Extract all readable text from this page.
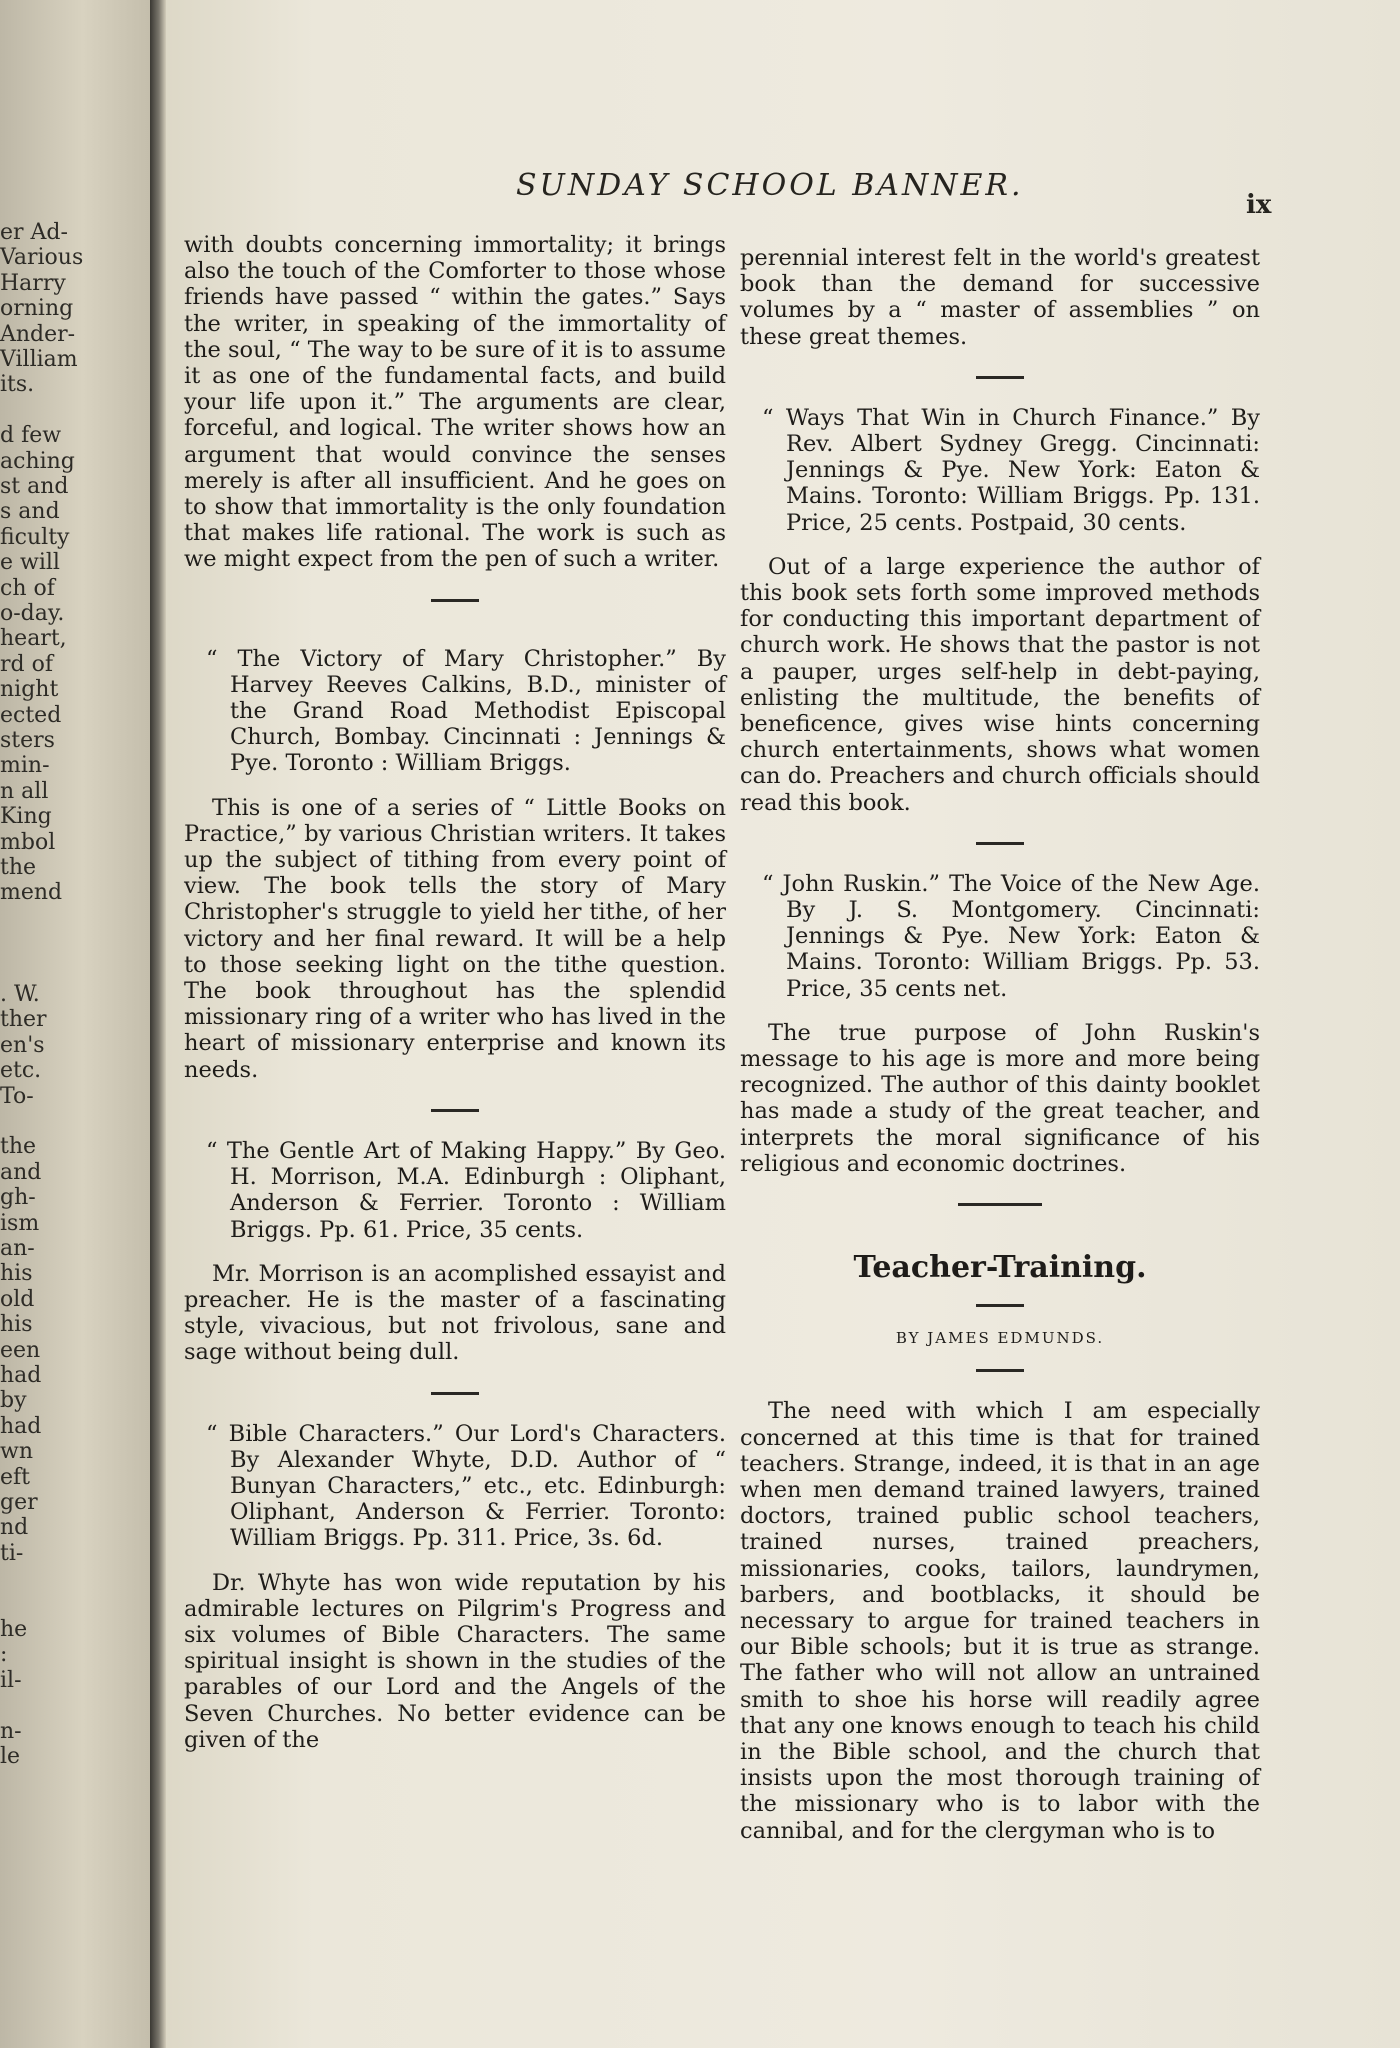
er Ad-
Various
Harry
orning
Ander-
Villiam
its.
d few
aching
st and
s and
ficulty
e will
ch of
o-day.
heart,
rd of
night
ected
sters
min-
n all
King
mbol
the
mend
. W.
ther
en's
etc.
To-
the
and
gh-
ism
an-
his
old
his
een
had
by
had
wn
eft
ger
nd
ti-
he
:
il-
n-
le
SUNDAY SCHOOL BANNER.
ix

with doubts concerning immortality; it brings also the touch of the Comforter to those whose friends have passed “ within the gates.” Says the writer, in speaking of the immortality of the soul, “ The way to be sure of it is to assume it as one of the fundamental facts, and build your life upon it.” The arguments are clear, forceful, and logical. The writer shows how an argument that would convince the senses merely is after all insufficient. And he goes on to show that immortality is the only foundation that makes life rational. The work is such as we might expect from the pen of such a writer.

“ The Victory of Mary Christopher.” By Harvey Reeves Calkins, B.D., minister of the Grand Road Methodist Episcopal Church, Bombay. Cincinnati : Jennings & Pye. Toronto : William Briggs.

This is one of a series of “ Little Books on Practice,” by various Christian writers. It takes up the subject of tithing from every point of view. The book tells the story of Mary Christopher's struggle to yield her tithe, of her victory and her final reward. It will be a help to those seeking light on the tithe question. The book throughout has the splendid missionary ring of a writer who has lived in the heart of missionary enterprise and known its needs.

“ The Gentle Art of Making Happy.” By Geo. H. Morrison, M.A. Edinburgh : Oliphant, Anderson & Ferrier. Toronto : William Briggs. Pp. 61. Price, 35 cents.

Mr. Morrison is an acomplished essayist and preacher. He is the master of a fascinating style, vivacious, but not frivolous, sane and sage without being dull.

“ Bible Characters.” Our Lord's Characters. By Alexander Whyte, D.D. Author of “ Bunyan Characters,” etc., etc. Edinburgh: Oliphant, Anderson & Ferrier. Toronto: William Briggs. Pp. 311. Price, 3s. 6d.

Dr. Whyte has won wide reputation by his admirable lectures on Pilgrim's Progress and six volumes of Bible Characters. The same spiritual insight is shown in the studies of the parables of our Lord and the Angels of the Seven Churches. No better evidence can be given of the

perennial interest felt in the world's greatest book than the demand for successive volumes by a “ master of assemblies ” on these great themes.

“ Ways That Win in Church Finance.” By Rev. Albert Sydney Gregg. Cincinnati: Jennings & Pye. New York: Eaton & Mains. Toronto: William Briggs. Pp. 131. Price, 25 cents. Postpaid, 30 cents.

Out of a large experience the author of this book sets forth some improved methods for conducting this important department of church work. He shows that the pastor is not a pauper, urges self-help in debt-paying, enlisting the multitude, the benefits of beneficence, gives wise hints concerning church entertainments, shows what women can do. Preachers and church officials should read this book.

“ John Ruskin.” The Voice of the New Age. By J. S. Montgomery. Cincinnati: Jennings & Pye. New York: Eaton & Mains. Toronto: William Briggs. Pp. 53. Price, 35 cents net.

The true purpose of John Ruskin's message to his age is more and more being recognized. The author of this dainty booklet has made a study of the great teacher, and interprets the moral significance of his religious and economic doctrines.

Teacher-Training.

BY JAMES EDMUNDS.

The need with which I am especially concerned at this time is that for trained teachers. Strange, indeed, it is that in an age when men demand trained lawyers, trained doctors, trained public school teachers, trained nurses, trained preachers, missionaries, cooks, tailors, laundrymen, barbers, and bootblacks, it should be necessary to argue for trained teachers in our Bible schools; but it is true as strange. The father who will not allow an untrained smith to shoe his horse will readily agree that any one knows enough to teach his child in the Bible school, and the church that insists upon the most thorough training of the missionary who is to labor with the cannibal, and for the clergyman who is to
